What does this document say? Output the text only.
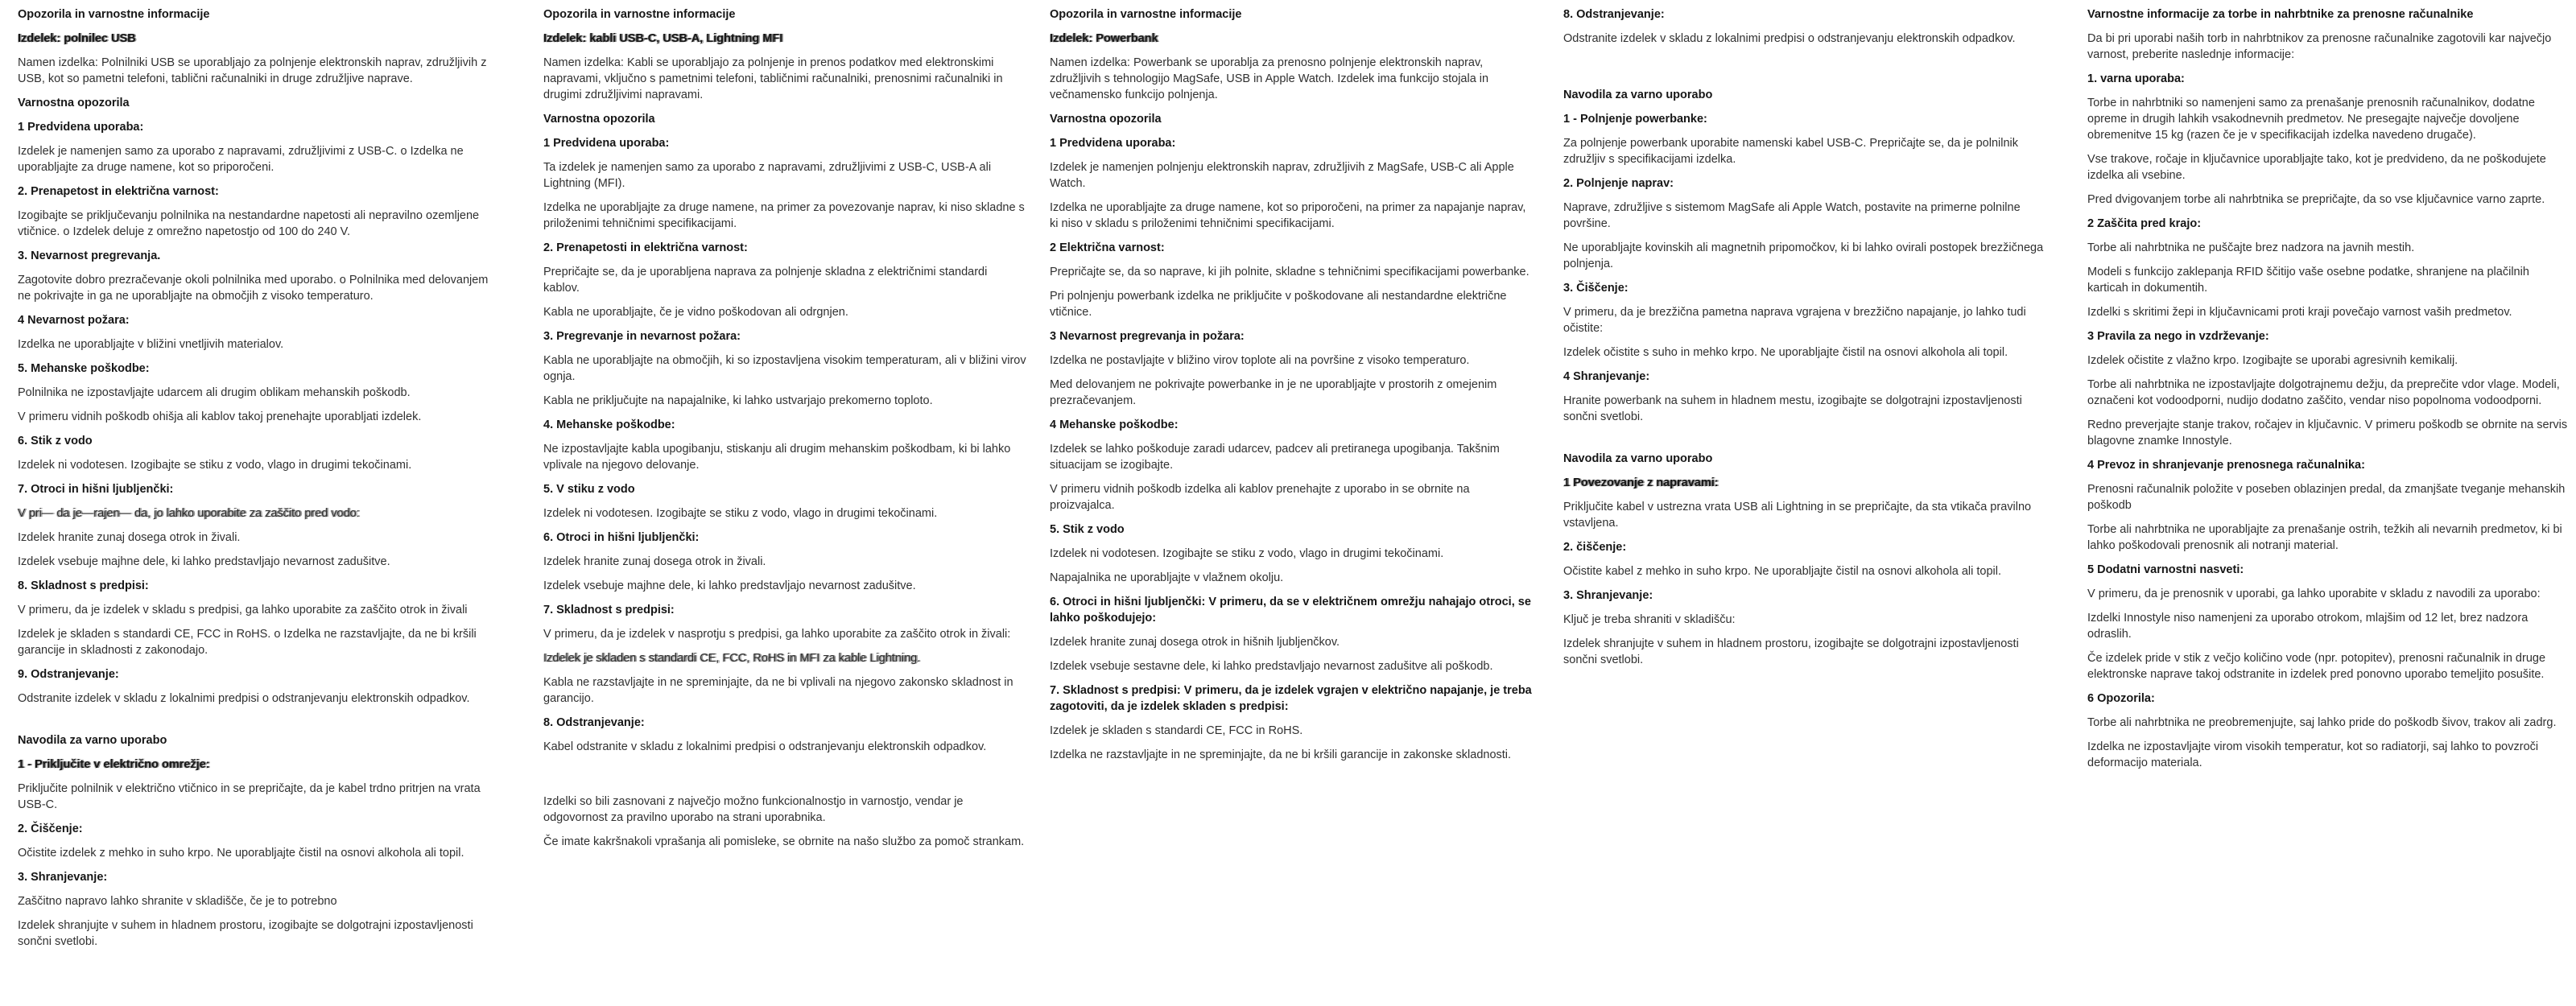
Opozorila in varnostne informacije
Izdelek: polnilec USB
Namen izdelka: Polnilniki USB se uporabljajo za polnjenje elektronskih naprav, združljivih z USB, kot so pametni telefoni, tablični računalniki in druge združljive naprave.
Varnostna opozorila
1 Predvidena uporaba:
Izdelek je namenjen samo za uporabo z napravami, združljivimi z USB-C. o Izdelka ne uporabljajte za druge namene, kot so priporočeni.
2. Prenapetost in električna varnost:
Izogibajte se priključevanju polnilnika na nestandardne napetosti ali nepravilno ozemljene vtičnice. o Izdelek deluje z omrežno napetostjo od 100 do 240 V.
3. Nevarnost pregrevanja.
Zagotovite dobro prezračevanje okoli polnilnika med uporabo. o Polnilnika med delovanjem ne pokrivajte in ga ne uporabljajte na območjih z visoko temperaturo.
4 Nevarnost požara:
Izdelka ne uporabljajte v bližini vnetljivih materialov.
5. Mehanske poškodbe:
Polnilnika ne izpostavljajte udarcem ali drugim oblikam mehanskih poškodb.
V primeru vidnih poškodb ohišja ali kablov takoj prenehajte uporabljati izdelek.
6. Stik z vodo
Izdelek ni vodotesen. Izogibajte se stiku z vodo, vlago in drugimi tekočinami.
7. Otroci in hišni ljubljenčki:
V pri— da je—rajen— da, jo lahko uporabite za zaščito pred vodo:
Izdelek hranite zunaj dosega otrok in živali.
Izdelek vsebuje majhne dele, ki lahko predstavljajo nevarnost zadušitve.
8. Skladnost s predpisi:
V primeru, da je izdelek v skladu s predpisi, ga lahko uporabite za zaščito otrok in živali
Izdelek je skladen s standardi CE, FCC in RoHS. o Izdelka ne razstavljajte, da ne bi kršili garancije in skladnosti z zakonodajo.
9. Odstranjevanje:
Odstranite izdelek v skladu z lokalnimi predpisi o odstranjevanju elektronskih odpadkov.
Navodila za varno uporabo
1 - Priključite v električno omrežje:
Priključite polnilnik v električno vtičnico in se prepričajte, da je kabel trdno pritrjen na vrata USB-C.
2. Čiščenje:
Očistite izdelek z mehko in suho krpo. Ne uporabljajte čistil na osnovi alkohola ali topil.
3. Shranjevanje:
Zaščitno napravo lahko shranite v skladišče, če je to potrebno
Izdelek shranjujte v suhem in hladnem prostoru, izogibajte se dolgotrajni izpostavljenosti sončni svetlobi.
Opozorila in varnostne informacije
Izdelek: kabli USB-C, USB-A, Lightning MFI
Namen izdelka: Kabli se uporabljajo za polnjenje in prenos podatkov med elektronskimi napravami, vključno s pametnimi telefoni, tabličnimi računalniki, prenosnimi računalniki in drugimi združljivimi napravami.
Varnostna opozorila
1 Predvidena uporaba:
Ta izdelek je namenjen samo za uporabo z napravami, združljivimi z USB-C, USB-A ali Lightning (MFI).
Izdelka ne uporabljajte za druge namene, na primer za povezovanje naprav, ki niso skladne s priloženimi tehničnimi specifikacijami.
2. Prenapetosti in električna varnost:
Prepričajte se, da je uporabljena naprava za polnjenje skladna z električnimi standardi kablov.
Kabla ne uporabljajte, če je vidno poškodovan ali odrgnjen.
3. Pregrevanje in nevarnost požara:
Kabla ne uporabljajte na območjih, ki so izpostavljena visokim temperaturam, ali v bližini virov ognja.
Kabla ne priključujte na napajalnike, ki lahko ustvarjajo prekomerno toploto.
4. Mehanske poškodbe:
Ne izpostavljajte kabla upogibanju, stiskanju ali drugim mehanskim poškodbam, ki bi lahko vplivale na njegovo delovanje.
5. V stiku z vodo
Izdelek ni vodotesen. Izogibajte se stiku z vodo, vlago in drugimi tekočinami.
6. Otroci in hišni ljubljenčki:
Izdelek hranite zunaj dosega otrok in živali.
Izdelek vsebuje majhne dele, ki lahko predstavljajo nevarnost zadušitve.
7. Skladnost s predpisi:
V primeru, da je izdelek v nasprotju s predpisi, ga lahko uporabite za zaščito otrok in živali:
Izdelek je skladen s standardi CE, FCC, RoHS in MFI za kable Lightning.
Kabla ne razstavljajte in ne spreminjajte, da ne bi vplivali na njegovo zakonsko skladnost in garancijo.
8. Odstranjevanje:
Kabel odstranite v skladu z lokalnimi predpisi o odstranjevanju elektronskih odpadkov.
Izdelki so bili zasnovani z največjo možno funkcionalnostjo in varnostjo, vendar je odgovornost za pravilno uporabo na strani uporabnika.
Če imate kakršnakoli vprašanja ali pomisleke, se obrnite na našo službo za pomoč strankam.
Opozorila in varnostne informacije
Izdelek: Powerbank
Namen izdelka: Powerbank se uporablja za prenosno polnjenje elektronskih naprav, združljivih s tehnologijo MagSafe, USB in Apple Watch. Izdelek ima funkcijo stojala in večnamensko funkcijo polnjenja.
Varnostna opozorila
1 Predvidena uporaba:
Izdelek je namenjen polnjenju elektronskih naprav, združljivih z MagSafe, USB-C ali Apple Watch.
Izdelka ne uporabljajte za druge namene, kot so priporočeni, na primer za napajanje naprav, ki niso v skladu s priloženimi tehničnimi specifikacijami.
2 Električna varnost:
Prepričajte se, da so naprave, ki jih polnite, skladne s tehničnimi specifikacijami powerbanke.
Pri polnjenju powerbank izdelka ne priključite v poškodovane ali nestandardne električne vtičnice.
3 Nevarnost pregrevanja in požara:
Izdelka ne postavljajte v bližino virov toplote ali na površine z visoko temperaturo.
Med delovanjem ne pokrivajte powerbanke in je ne uporabljajte v prostorih z omejenim prezračevanjem.
4 Mehanske poškodbe:
Izdelek se lahko poškoduje zaradi udarcev, padcev ali pretiranega upogibanja. Takšnim situacijam se izogibajte.
V primeru vidnih poškodb izdelka ali kablov prenehajte z uporabo in se obrnite na proizvajalca.
5. Stik z vodo
Izdelek ni vodotesen. Izogibajte se stiku z vodo, vlago in drugimi tekočinami.
Napajalnika ne uporabljajte v vlažnem okolju.
6. Otroci in hišni ljubljenčki: V primeru, da se v električnem omrežju nahajajo otroci, se lahko poškodujejo:
Izdelek hranite zunaj dosega otrok in hišnih ljubljenčkov.
Izdelek vsebuje sestavne dele, ki lahko predstavljajo nevarnost zadušitve ali poškodb.
7. Skladnost s predpisi: V primeru, da je izdelek vgrajen v električno napajanje, je treba zagotoviti, da je izdelek skladen s predpisi:
Izdelek je skladen s standardi CE, FCC in RoHS.
Izdelka ne razstavljajte in ne spreminjajte, da ne bi kršili garancije in zakonske skladnosti.
8. Odstranjevanje:
Odstranite izdelek v skladu z lokalnimi predpisi o odstranjevanju elektronskih odpadkov.
Navodila za varno uporabo
1 - Polnjenje powerbanke:
Za polnjenje powerbank uporabite namenski kabel USB-C. Prepričajte se, da je polnilnik združljiv s specifikacijami izdelka.
2. Polnjenje naprav:
Naprave, združljive s sistemom MagSafe ali Apple Watch, postavite na primerne polnilne površine.
Ne uporabljajte kovinskih ali magnetnih pripomočkov, ki bi lahko ovirali postopek brezžičnega polnjenja.
3. Čiščenje:
V primeru, da je brezžična pametna naprava vgrajena v brezžično napajanje, jo lahko tudi očistite:
Izdelek očistite s suho in mehko krpo. Ne uporabljajte čistil na osnovi alkohola ali topil.
4 Shranjevanje:
Hranite powerbank na suhem in hladnem mestu, izogibajte se dolgotrajni izpostavljenosti sončni svetlobi.
Navodila za varno uporabo
1 Povezovanje z napravami:
Priključite kabel v ustrezna vrata USB ali Lightning in se prepričajte, da sta vtikača pravilno vstavljena.
2. čiščenje:
Očistite kabel z mehko in suho krpo. Ne uporabljajte čistil na osnovi alkohola ali topil.
3. Shranjevanje:
Ključ je treba shraniti v skladišču:
Izdelek shranjujte v suhem in hladnem prostoru, izogibajte se dolgotrajni izpostavljenosti sončni svetlobi.
Varnostne informacije za torbe in nahrbtnike za prenosne računalnike
Da bi pri uporabi naših torb in nahrbtnikov za prenosne računalnike zagotovili kar največjo varnost, preberite naslednje informacije:
1. varna uporaba:
Torbe in nahrbtniki so namenjeni samo za prenašanje prenosnih računalnikov, dodatne opreme in drugih lahkih vsakodnevnih predmetov. Ne presegajte največje dovoljene obremenitve 15 kg (razen če je v specifikacijah izdelka navedeno drugače).
Vse trakove, ročaje in ključavnice uporabljajte tako, kot je predvideno, da ne poškodujete izdelka ali vsebine.
Pred dvigovanjem torbe ali nahrbtnika se prepričajte, da so vse ključavnice varno zaprte.
2 Zaščita pred krajo:
Torbe ali nahrbtnika ne puščajte brez nadzora na javnih mestih.
Modeli s funkcijo zaklepanja RFID ščitijo vaše osebne podatke, shranjene na plačilnih karticah in dokumentih.
Izdelki s skritimi žepi in ključavnicami proti kraji povečajo varnost vaših predmetov.
3 Pravila za nego in vzdrževanje:
Izdelek očistite z vlažno krpo. Izogibajte se uporabi agresivnih kemikalij.
Torbe ali nahrbtnika ne izpostavljajte dolgotrajnemu dežju, da preprečite vdor vlage. Modeli, označeni kot vodoodporni, nudijo dodatno zaščito, vendar niso popolnoma vodoodporni.
Redno preverjajte stanje trakov, ročajev in ključavnic. V primeru poškodb se obrnite na servis blagovne znamke Innostyle.
4 Prevoz in shranjevanje prenosnega računalnika:
Prenosni računalnik položite v poseben oblazinjen predal, da zmanjšate tveganje mehanskih poškodb
Torbe ali nahrbtnika ne uporabljajte za prenašanje ostrih, težkih ali nevarnih predmetov, ki bi lahko poškodovali prenosnik ali notranji material.
5 Dodatni varnostni nasveti:
V primeru, da je prenosnik v uporabi, ga lahko uporabite v skladu z navodili za uporabo:
Izdelki Innostyle niso namenjeni za uporabo otrokom, mlajšim od 12 let, brez nadzora odraslih.
Če izdelek pride v stik z večjo količino vode (npr. potopitev), prenosni računalnik in druge elektronske naprave takoj odstranite in izdelek pred ponovno uporabo temeljito posušite.
6 Opozorila:
Torbe ali nahrbtnika ne preobremenjujte, saj lahko pride do poškodb šivov, trakov ali zadrg.
Izdelka ne izpostavljajte virom visokih temperatur, kot so radiatorji, saj lahko to povzroči deformacijo materiala.
